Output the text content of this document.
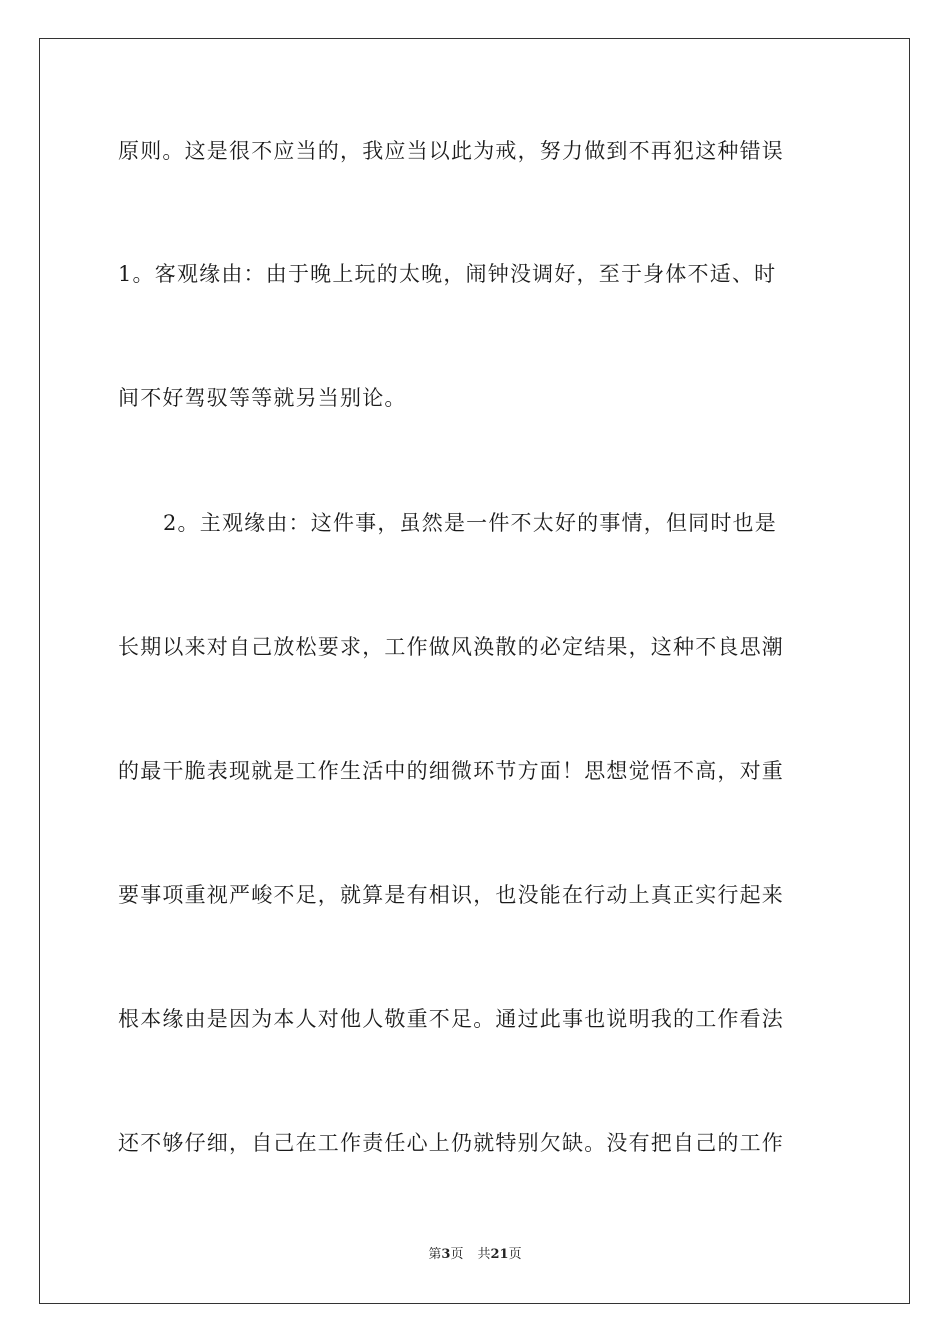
原则。这是很不应当的，我应当以此为戒，努力做到不再犯这种错误
1。客观缘由：由于晚上玩的太晚，闹钟没调好，至于身体不适、时
间不好驾驭等等就另当别论。
2。主观缘由：这件事，虽然是一件不太好的事情，但同时也是
长期以来对自己放松要求，工作做风涣散的必定结果，这种不良思潮
的最干脆表现就是工作生活中的细微环节方面！思想觉悟不高，对重
要事项重视严峻不足，就算是有相识，也没能在行动上真正实行起来
根本缘由是因为本人对他人敬重不足。通过此事也说明我的工作看法
还不够仔细，自己在工作责任心上仍就特别欠缺。没有把自己的工作
第3页 共21页
